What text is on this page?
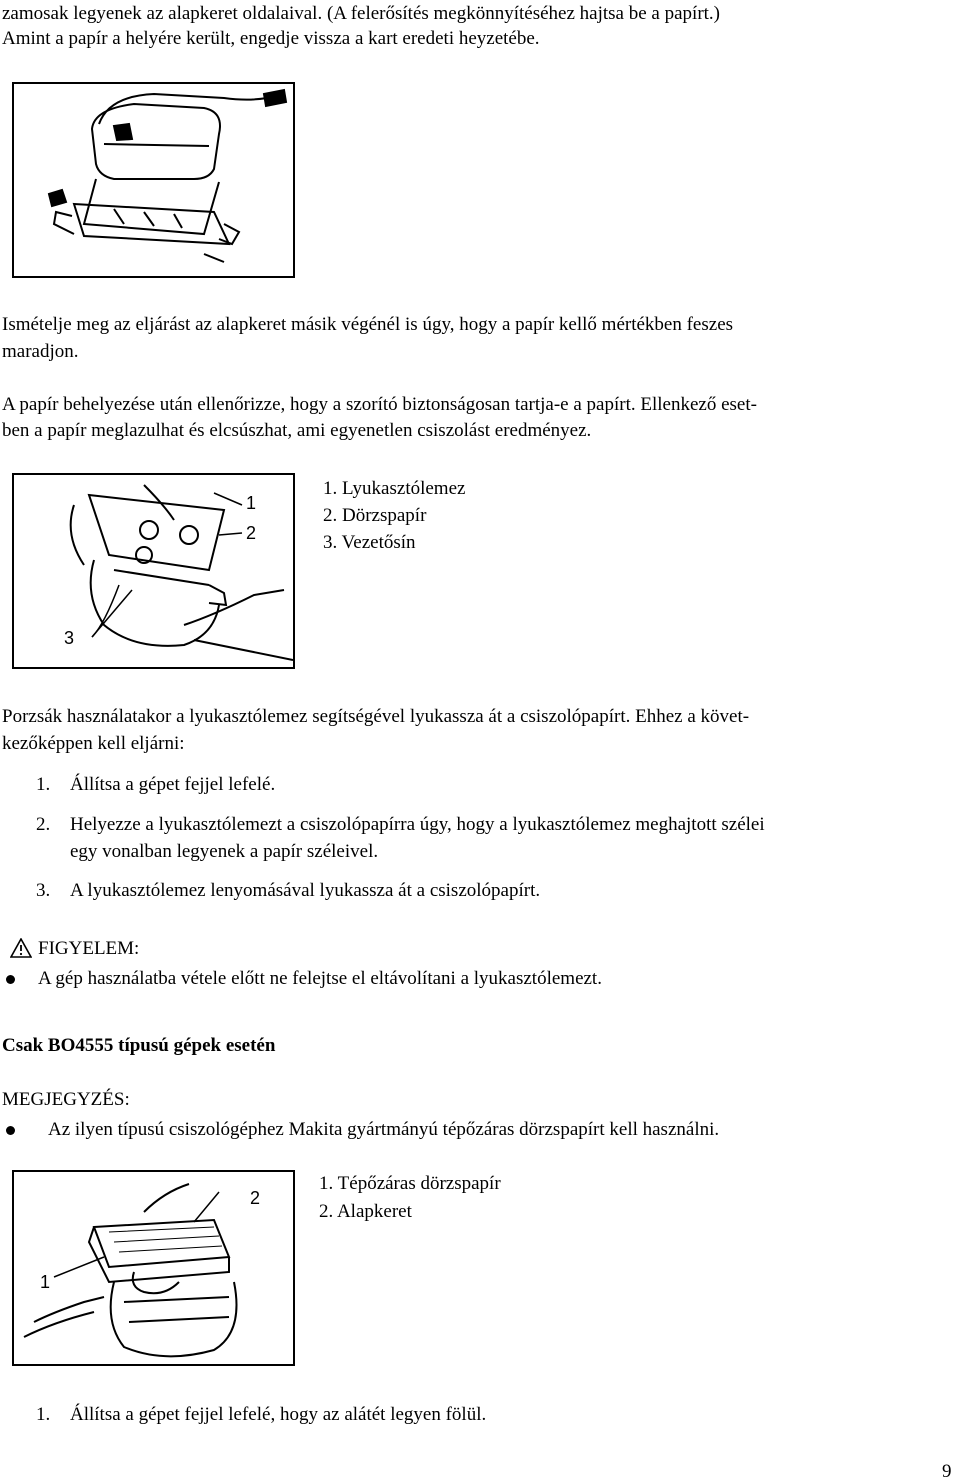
zamosak legyenek az alapkeret oldalaival. (A felerősítés megkönnyítéséhez hajtsa be a papírt.)
Amint a papír a helyére került, engedje vissza a kart eredeti heyzetébe.
Ismételje meg az eljárást az alapkeret másik végénél is úgy, hogy a papír kellő mértékben feszes
maradjon.
A papír behelyezése után ellenőrizze, hogy a szorító biztonságosan tartja-e a papírt. Ellenkező eset-
ben a papír meglazulhat és elcsúszhat, ami egyenetlen csiszolást eredményez.
1
2
3
1. Lyukasztólemez
2. Dörzspapír
3. Vezetősín
Porzsák használatakor a lyukasztólemez segítségével lyukassza át a csiszolópapírt. Ehhez a követ-
kezőképpen kell eljárni:
1. Állítsa a gépet fejjel lefelé.
2. Helyezze a lyukasztólemezt a csiszolópapírra úgy, hogy a lyukasztólemez meghajtott szélei
egy vonalban legyenek a papír széleivel.
3. A lyukasztólemez lenyomásával lyukassza át a csiszolópapírt.
FIGYELEM:
A gép használatba vétele előtt ne felejtse el eltávolítani a lyukasztólemezt.
Csak BO4555 típusú gépek esetén
MEGJEGYZÉS:
Az ilyen típusú csiszológéphez Makita gyártmányú tépőzáras dörzspapírt kell használni.
2
1
1. Tépőzáras dörzspapír
2. Alapkeret
1. Állítsa a gépet fejjel lefelé, hogy az alátét legyen fölül.
9
